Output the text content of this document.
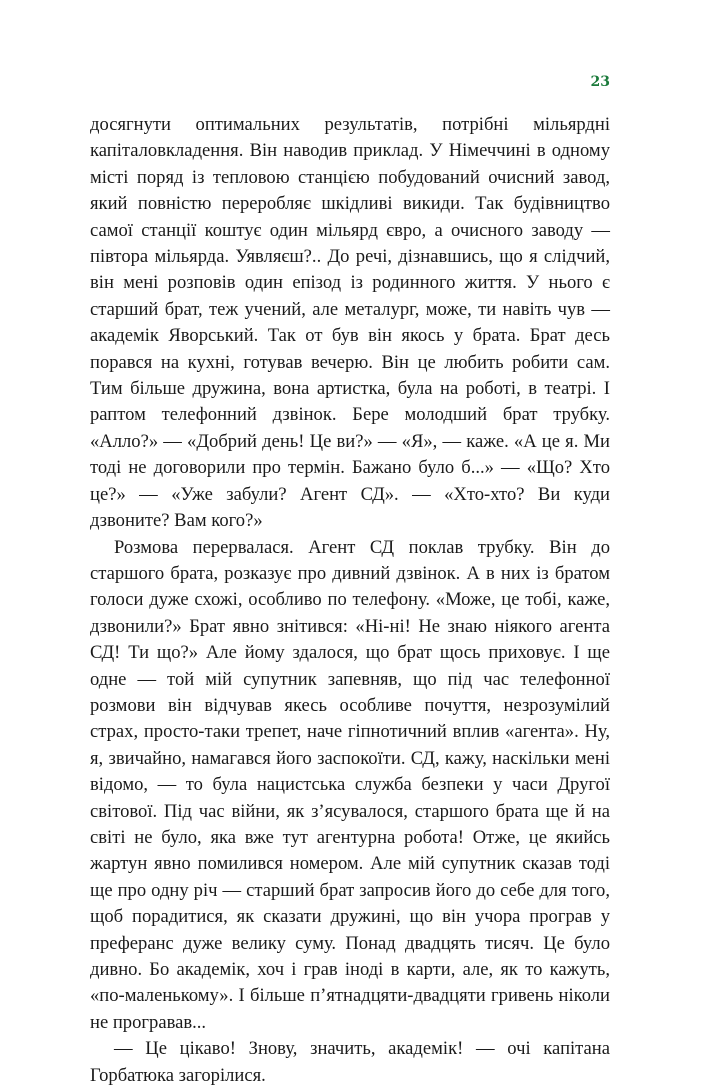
23

досягнути оптимальних результатів, потрібні мільярдні капіталовкладення. Він наводив приклад. У Німеччині в одному місті поряд із тепловою станцією побудований очисний завод, який повністю переробляє шкідливі викиди. Так будівництво самої станції коштує один мільярд євро, а очисного заводу — півтора мільярда. Уявляєш?.. До речі, дізнавшись, що я слідчий, він мені розповів один епізод із родинного життя. У нього є старший брат, теж учений, але металург, може, ти навіть чув — академік Яворський. Так от був він якось у брата. Брат десь порався на кухні, готував вечерю. Він це любить робити сам. Тим більше дружина, вона артистка, була на роботі, в театрі. І раптом телефонний дзвінок. Бере молодший брат трубку. «Алло?» — «Добрий день! Це ви?» — «Я», — каже. «А це я. Ми тоді не договорили про термін. Бажано було б...» — «Що? Хто це?» — «Уже забули? Агент СД». — «Хто-хто? Ви куди дзвоните? Вам кого?»

Розмова перервалася. Агент СД поклав трубку. Він до старшого брата, розказує про дивний дзвінок. А в них із братом голоси дуже схожі, особливо по телефону. «Може, це тобі, каже, дзвонили?» Брат явно знітився: «Ні-ні! Не знаю ніякого агента СД! Ти що?» Але йому здалося, що брат щось приховує. І ще одне — той мій супутник запевняв, що під час телефонної розмови він відчував якесь особливе почуття, незрозумілий страх, просто-таки трепет, наче гіпнотичний вплив «агента». Ну, я, звичайно, намагався його заспокоїти. СД, кажу, наскільки мені відомо, — то була нацистська служба безпеки у часи Другої світової. Під час війни, як з’ясувалося, старшого брата ще й на світі не було, яка вже тут агентурна робота! Отже, це якийсь жартун явно помилився номером. Але мій супутник сказав тоді ще про одну річ — старший брат запросив його до себе для того, щоб порадитися, як сказати дружині, що він учора програв у преферанс дуже велику суму. Понад двадцять тисяч. Це було дивно. Бо академік, хоч і грав іноді в карти, але, як то кажуть, «по-маленькому». І більше п’ятнадцяти-двадцяти гривень ніколи не програвав...

— Це цікаво! Знову, значить, академік! — очі капітана Горбатюка загорілися.
